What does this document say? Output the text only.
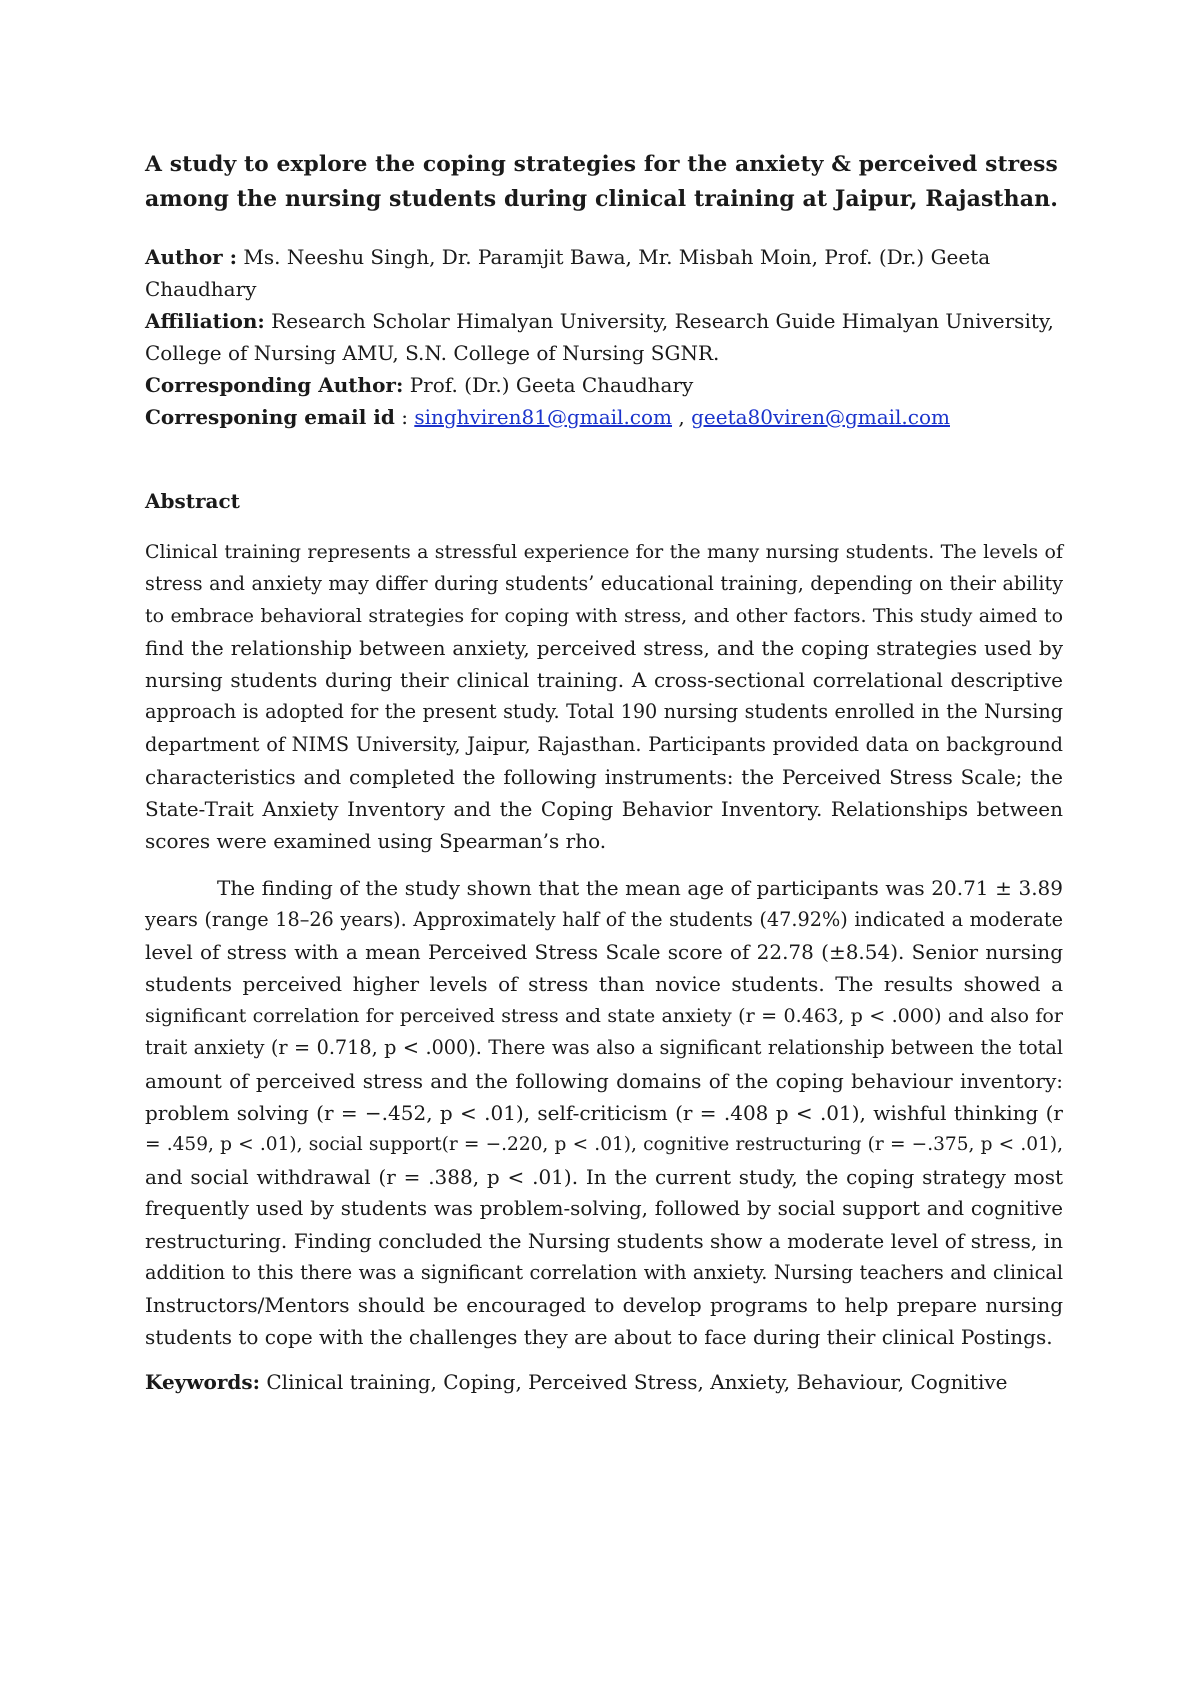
A study to explore the coping strategies for the anxiety & perceived stress
among the nursing students during clinical training at Jaipur, Rajasthan.
Author : Ms. Neeshu Singh, Dr. Paramjit Bawa, Mr. Misbah Moin, Prof. (Dr.) Geeta
Chaudhary
Affiliation: Research Scholar Himalyan University, Research Guide Himalyan University,
College of Nursing AMU, S.N. College of Nursing SGNR.
Corresponding Author: Prof. (Dr.) Geeta Chaudhary
Corresponing email id : singhviren81@gmail.com , geeta80viren@gmail.com
Abstract
Clinical training represents a stressful experience for the many nursing students. The levels of
stress and anxiety may differ during students’ educational training, depending on their ability
to embrace behavioral strategies for coping with stress, and other factors. This study aimed to
find the relationship between anxiety, perceived stress, and the coping strategies used by
nursing students during their clinical training. A cross-sectional correlational descriptive
approach is adopted for the present study. Total 190 nursing students enrolled in the Nursing
department of NIMS University, Jaipur, Rajasthan. Participants provided data on background
characteristics and completed the following instruments: the Perceived Stress Scale; the
State-Trait Anxiety Inventory and the Coping Behavior Inventory. Relationships between
scores were examined using Spearman’s rho.
The finding of the study shown that the mean age of participants was 20.71 ± 3.89
years (range 18–26 years). Approximately half of the students (47.92%) indicated a moderate
level of stress with a mean Perceived Stress Scale score of 22.78 (±8.54). Senior nursing
students perceived higher levels of stress than novice students. The results showed a
significant correlation for perceived stress and state anxiety (r = 0.463, p < .000) and also for
trait anxiety (r = 0.718, p < .000). There was also a significant relationship between the total
amount of perceived stress and the following domains of the coping behaviour inventory:
problem solving (r = −.452, p < .01), self-criticism (r = .408 p < .01), wishful thinking (r
= .459, p < .01), social support(r = −.220, p < .01), cognitive restructuring (r = −.375, p < .01),
and social withdrawal (r = .388, p < .01). In the current study, the coping strategy most
frequently used by students was problem-solving, followed by social support and cognitive
restructuring. Finding concluded the Nursing students show a moderate level of stress, in
addition to this there was a significant correlation with anxiety. Nursing teachers and clinical
Instructors/Mentors should be encouraged to develop programs to help prepare nursing
students to cope with the challenges they are about to face during their clinical Postings.
Keywords: Clinical training, Coping, Perceived Stress, Anxiety, Behaviour, Cognitive
